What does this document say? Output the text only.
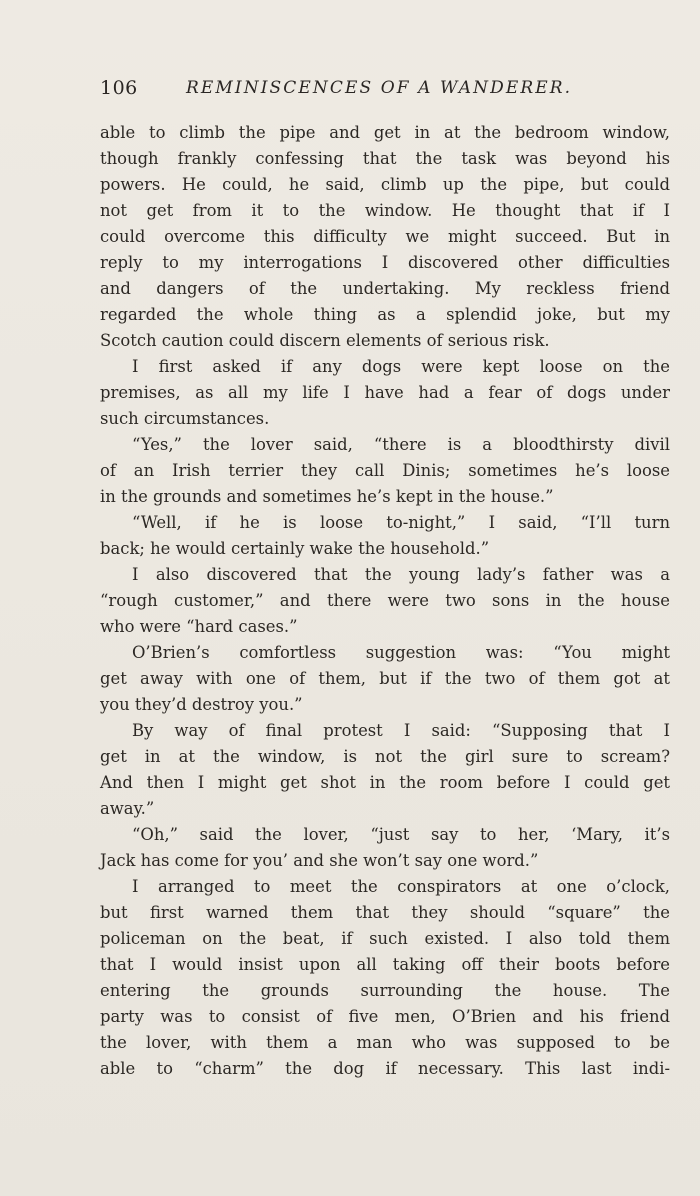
106	REMINISCENCES OF A WANDERER.
able to climb the pipe and get in at the bedroom window,
though frankly confessing that the task was beyond his
powers. He could, he said, climb up the pipe, but could
not get from it to the window. He thought that if I
could overcome this difficulty we might succeed. But in
reply to my interrogations I discovered other difficulties
and dangers of the undertaking. My reckless friend
regarded the whole thing as a splendid joke, but my
Scotch caution could discern elements of serious risk.
I first asked if any dogs were kept loose on the
premises, as all my life I have had a fear of dogs under
such circumstances.
“Yes,” the lover said, “there is a bloodthirsty divil
of an Irish terrier they call Dinis; sometimes he’s loose
in the grounds and sometimes he’s kept in the house.”
“Well, if he is loose to-night,” I said, “I’ll turn
back; he would certainly wake the household.”
I also discovered that the young lady’s father was a
“rough customer,” and there were two sons in the house
who were “hard cases.”
O’Brien’s comfortless suggestion was: “You might
get away with one of them, but if the two of them got at
you they’d destroy you.”
By way of final protest I said: “Supposing that I
get in at the window, is not the girl sure to scream?
And then I might get shot in the room before I could get
away.”
“Oh,” said the lover, “just say to her, ‘Mary, it’s
Jack has come for you’ and she won’t say one word.”
I arranged to meet the conspirators at one o’clock,
but first warned them that they should “square” the
policeman on the beat, if such existed. I also told them
that I would insist upon all taking off their boots before
entering the grounds surrounding the house. The
party was to consist of five men, O’Brien and his friend
the lover, with them a man who was supposed to be
able to “charm” the dog if necessary. This last indi-
